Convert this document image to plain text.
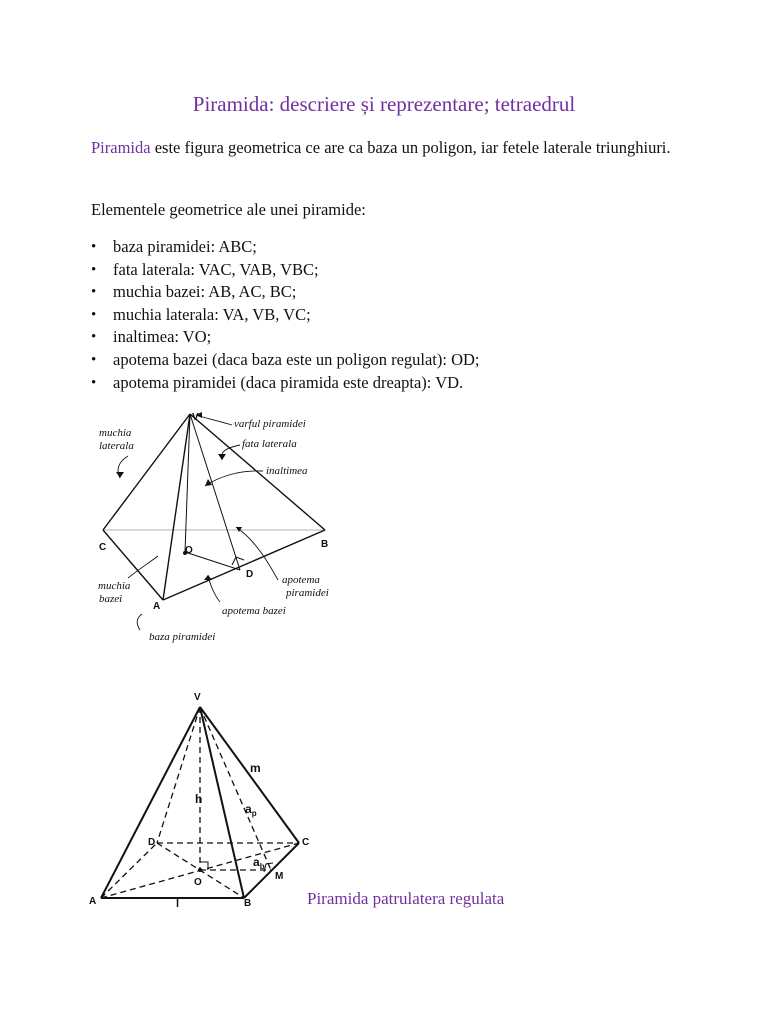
Piramida: descriere și reprezentare; tetraedrul

Piramida este figura geometrica ce are ca baza un poligon, iar fetele laterale triunghiuri.

Elementele geometrice ale unei piramide:

• baza piramidei: ABC;
• fata laterala: VAC, VAB, VBC;
• muchia bazei: AB, AC, BC;
• muchia laterala: VA, VB, VC;
• inaltimea: VO;
• apotema bazei (daca baza este un poligon regulat): OD;
• apotema piramidei (daca piramida este dreapta): VD.
V
A
B
C	O
D
muchia
laterala
varful piramidei
fata laterala
inaltimea
muchia
bazei
apotema
piramidei
apotema bazei
baza piramidei
V
A	B
C
D
O
M
m
h
$a_p$
$a_b$
l	Piramida patrulatera regulata
